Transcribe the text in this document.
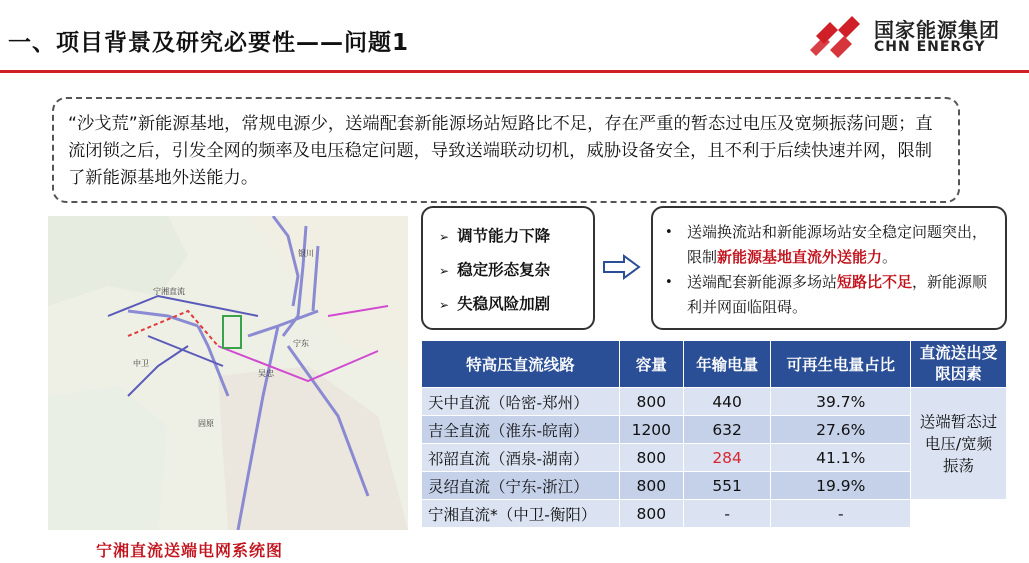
一、项目背景及研究必要性——问题1	国家能源集团
CHN ENERGY
“沙戈荒”新能源基地，常规电源少，送端配套新能源场站短路比不足，存在严重的暂态过电压及宽频振荡问题；直流闭锁之后，引发全网的频率及电压稳定问题，导致送端联动切机，威胁设备安全，且不利于后续快速并网，限制了新能源基地外送能力。
宁湘直流
宁东
中卫
吴忠
固原
银川
宁湘直流送端电网系统图
➢ 调节能力下降
➢ 稳定形态复杂
➢ 失稳风险加剧
• 送端换流站和新能源场站安全稳定问题突出，限制新能源基地直流外送能力。
• 送端配套新能源多场站短路比不足，新能源顺利并网面临阻碍。
特高压直流线路	容量	年输电量	可再生电量占比	直流送出受限因素
天中直流（哈密-郑州）	800	440	39.7%	送端暂态过电压/宽频振荡
吉全直流（淮东-皖南）	1200	632	27.6%	
祁韶直流（酒泉-湖南）	800	284	41.1%	
灵绍直流（宁东-浙江）	800	551	19.9%	
宁湘直流*（中卫-衡阳）	800	-	-	
